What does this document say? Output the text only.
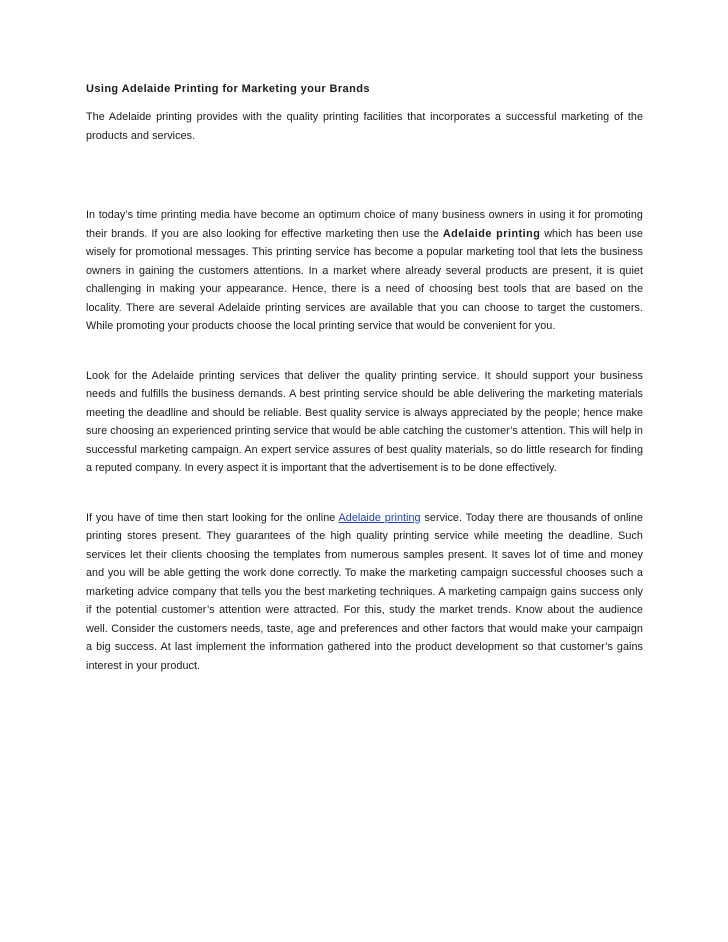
Using Adelaide Printing for Marketing your Brands

The Adelaide printing provides with the quality printing facilities that incorporates a successful marketing of the products and services.

In today’s time printing media have become an optimum choice of many business owners in using it for promoting their brands. If you are also looking for effective marketing then use the Adelaide printing which has been use wisely for promotional messages. This printing service has become a popular marketing tool that lets the business owners in gaining the customers attentions. In a market where already several products are present, it is quiet challenging in making your appearance. Hence, there is a need of choosing best tools that are based on the locality. There are several Adelaide printing services are available that you can choose to target the customers. While promoting your products choose the local printing service that would be convenient for you.

Look for the Adelaide printing services that deliver the quality printing service. It should support your business needs and fulfills the business demands. A best printing service should be able delivering the marketing materials meeting the deadline and should be reliable. Best quality service is always appreciated by the people; hence make sure choosing an experienced printing service that would be able catching the customer’s attention. This will help in successful marketing campaign. An expert service assures of best quality materials, so do little research for finding a reputed company. In every aspect it is important that the advertisement is to be done effectively.

If you have of time then start looking for the online Adelaide printing service. Today there are thousands of online printing stores present. They guarantees of the high quality printing service while meeting the deadline. Such services let their clients choosing the templates from numerous samples present. It saves lot of time and money and you will be able getting the work done correctly. To make the marketing campaign successful chooses such a marketing advice company that tells you the best marketing techniques. A marketing campaign gains success only if the potential customer’s attention were attracted. For this, study the market trends. Know about the audience well. Consider the customers needs, taste, age and preferences and other factors that would make your campaign a big success. At last implement the information gathered into the product development so that customer’s gains interest in your product.
